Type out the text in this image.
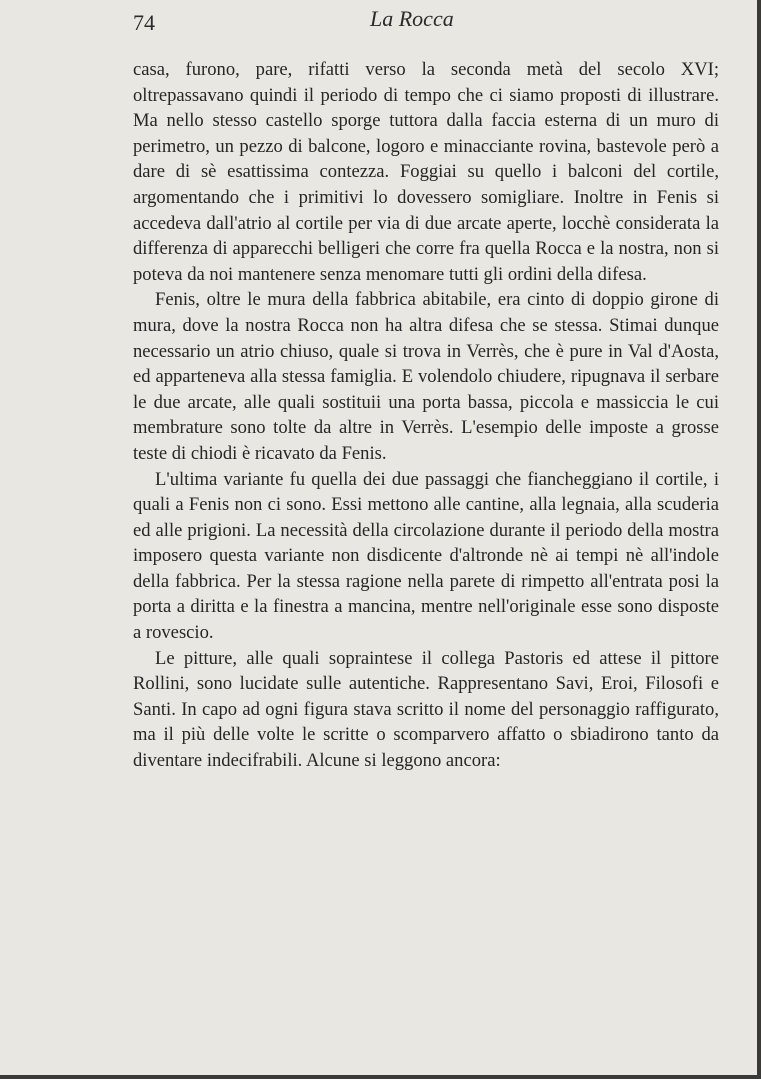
74	La Rocca

casa, furono, pare, rifatti verso la seconda metà del secolo XVI; oltrepassavano quindi il periodo di tempo che ci siamo proposti di illustrare. Ma nello stesso castello sporge tuttora dalla faccia esterna di un muro di perimetro, un pezzo di balcone, logoro e minacciante rovina, bastevole però a dare di sè esattissima contezza. Foggiai su quello i balconi del cortile, argomentando che i primitivi lo dovessero somigliare. Inoltre in Fenis si accedeva dall'atrio al cortile per via di due arcate aperte, locchè considerata la differenza di apparecchi belligeri che corre fra quella Rocca e la nostra, non si poteva da noi mantenere senza menomare tutti gli ordini della difesa.

Fenis, oltre le mura della fabbrica abitabile, era cinto di doppio girone di mura, dove la nostra Rocca non ha altra difesa che se stessa. Stimai dunque necessario un atrio chiuso, quale si trova in Verrès, che è pure in Val d'Aosta, ed apparteneva alla stessa famiglia. E volendolo chiudere, ripugnava il serbare le due arcate, alle quali sostituii una porta bassa, piccola e massiccia le cui membrature sono tolte da altre in Verrès. L'esempio delle imposte a grosse teste di chiodi è ricavato da Fenis.

L'ultima variante fu quella dei due passaggi che fiancheggiano il cortile, i quali a Fenis non ci sono. Essi mettono alle cantine, alla legnaia, alla scuderia ed alle prigioni. La necessità della circolazione durante il periodo della mostra imposero questa variante non disdicente d'altronde nè ai tempi nè all'indole della fabbrica. Per la stessa ragione nella parete di rimpetto all'entrata posi la porta a diritta e la finestra a mancina, mentre nell'originale esse sono disposte a rovescio.

Le pitture, alle quali sopraintese il collega Pastoris ed attese il pittore Rollini, sono lucidate sulle autentiche. Rappresentano Savi, Eroi, Filosofi e Santi. In capo ad ogni figura stava scritto il nome del personaggio raffigurato, ma il più delle volte le scritte o scomparvero affatto o sbiadirono tanto da diventare indecifrabili. Alcune si leggono ancora:
